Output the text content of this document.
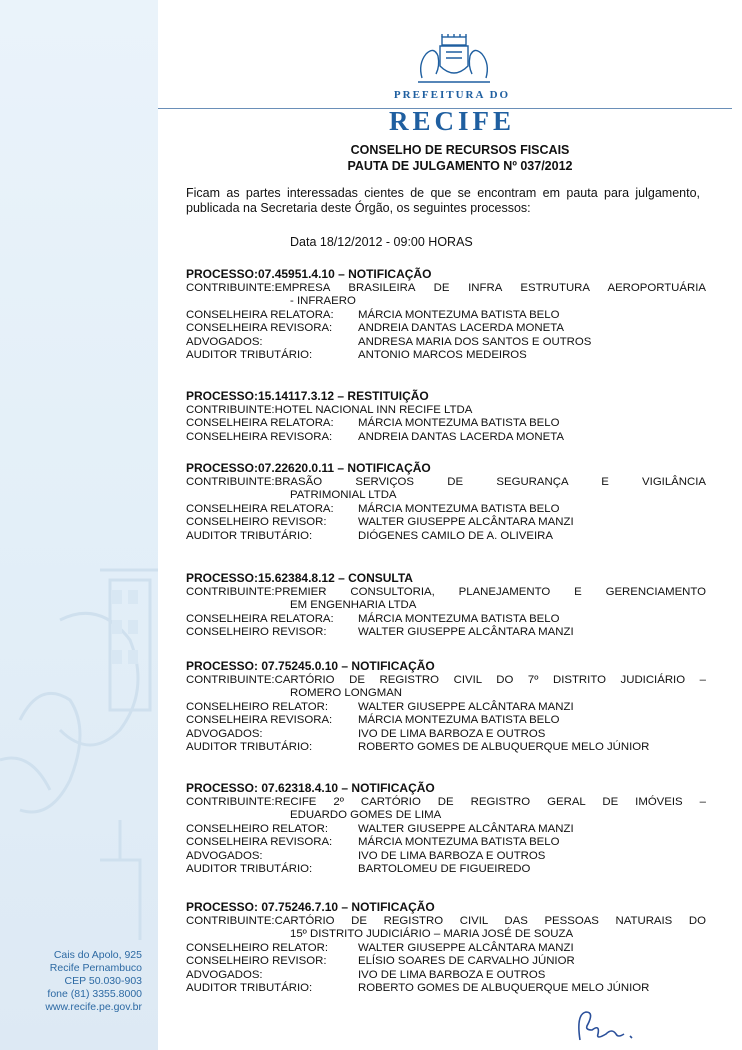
Cais do Apolo, 925
Recife Pernambuco
CEP 50.030-903
fone (81) 3355.8000
www.recife.pe.gov.br
PREFEITURA DO
RECIFE
CONSELHO DE RECURSOS FISCAIS
PAUTA DE JULGAMENTO Nº 037/2012
Ficam as partes interessadas cientes de que se encontram em pauta para julgamento, publicada na Secretaria deste Órgão, os seguintes processos:
Data 18/12/2012 - 09:00 HORAS
PROCESSO:07.45951.4.10 – NOTIFICAÇÃO
CONTRIBUINTE: EMPRESA BRASILEIRA DE INFRA ESTRUTURA AEROPORTUÁRIA
- INFRAERO
CONSELHEIRA RELATORA:	MÁRCIA MONTEZUMA BATISTA BELO
CONSELHEIRA REVISORA:	ANDREIA DANTAS LACERDA MONETA
ADVOGADOS:	ANDRESA MARIA DOS SANTOS E OUTROS
AUDITOR TRIBUTÁRIO:	ANTONIO MARCOS MEDEIROS
PROCESSO:15.14117.3.12 – RESTITUIÇÃO
CONTRIBUINTE: HOTEL NACIONAL INN RECIFE LTDA
CONSELHEIRA RELATORA:	MÁRCIA MONTEZUMA BATISTA BELO
CONSELHEIRA REVISORA:	ANDREIA DANTAS LACERDA MONETA
PROCESSO:07.22620.0.11 – NOTIFICAÇÃO
CONTRIBUINTE: BRASÃO SERVIÇOS DE SEGURANÇA E VIGILÂNCIA
PATRIMONIAL LTDA
CONSELHEIRA RELATORA:	MÁRCIA MONTEZUMA BATISTA BELO
CONSELHEIRO REVISOR:	WALTER GIUSEPPE ALCÂNTARA MANZI
AUDITOR TRIBUTÁRIO:	DIÓGENES CAMILO DE A. OLIVEIRA
PROCESSO:15.62384.8.12 – CONSULTA
CONTRIBUINTE: PREMIER CONSULTORIA, PLANEJAMENTO E GERENCIAMENTO
EM ENGENHARIA LTDA
CONSELHEIRA RELATORA:	MÁRCIA MONTEZUMA BATISTA BELO
CONSELHEIRO REVISOR:	WALTER GIUSEPPE ALCÂNTARA MANZI
PROCESSO: 07.75245.0.10 – NOTIFICAÇÃO
CONTRIBUINTE: CARTÓRIO DE REGISTRO CIVIL DO 7º DISTRITO JUDICIÁRIO –
ROMERO LONGMAN
CONSELHEIRO RELATOR:	WALTER GIUSEPPE ALCÂNTARA MANZI
CONSELHEIRA REVISORA:	MÁRCIA MONTEZUMA BATISTA BELO
ADVOGADOS:	IVO DE LIMA BARBOZA E OUTROS
AUDITOR TRIBUTÁRIO:	ROBERTO GOMES DE ALBUQUERQUE MELO JÚNIOR
PROCESSO: 07.62318.4.10 – NOTIFICAÇÃO
CONTRIBUINTE: RECIFE 2º CARTÓRIO DE REGISTRO GERAL DE IMÓVEIS –
EDUARDO GOMES DE LIMA
CONSELHEIRO RELATOR:	WALTER GIUSEPPE ALCÂNTARA MANZI
CONSELHEIRA REVISORA:	MÁRCIA MONTEZUMA BATISTA BELO
ADVOGADOS:	IVO DE LIMA BARBOZA E OUTROS
AUDITOR TRIBUTÁRIO:	BARTOLOMEU DE FIGUEIREDO
PROCESSO: 07.75246.7.10 – NOTIFICAÇÃO
CONTRIBUINTE: CARTÓRIO DE REGISTRO CIVIL DAS PESSOAS NATURAIS DO
15º DISTRITO JUDICIÁRIO – MARIA JOSÉ DE SOUZA
CONSELHEIRO RELATOR:	WALTER GIUSEPPE ALCÂNTARA MANZI
CONSELHEIRO REVISOR:	ELÍSIO SOARES DE CARVALHO JÚNIOR
ADVOGADOS:	IVO DE LIMA BARBOZA E OUTROS
AUDITOR TRIBUTÁRIO:	ROBERTO GOMES DE ALBUQUERQUE MELO JÚNIOR
